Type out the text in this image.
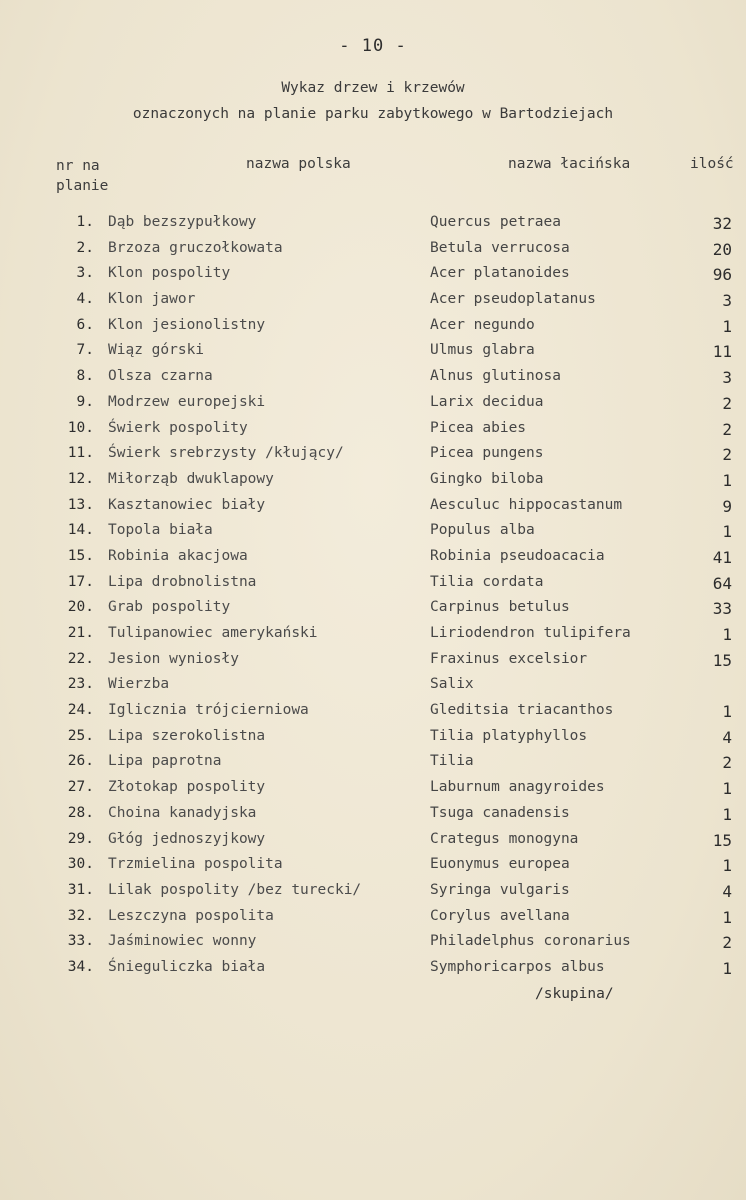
- 10 -
Wykaz drzew i krzewów
oznaczonych na planie parku zabytkowego w Bartodziejach
nr na planie
nazwa polska	nazwa łacińska	ilość
1. Dąb bezszypułkowy	Quercus petraea	32
2. Brzoza gruczołkowata	Betula verrucosa	20
3. Klon pospolity	Acer platanoides	96
4. Klon jawor	Acer pseudoplatanus	3
6. Klon jesionolistny	Acer negundo	1
7. Wiąz górski	Ulmus glabra	11
8. Olsza czarna	Alnus glutinosa	3
9. Modrzew europejski	Larix decidua	2
10. Świerk pospolity	Picea abies	2
11. Świerk srebrzysty /kłujący/	Picea pungens	2
12. Miłorząb dwuklapowy	Gingko biloba	1
13. Kasztanowiec biały	Aesculuc hippocastanum	9
14. Topola biała	Populus alba	1
15. Robinia akacjowa	Robinia pseudoacacia	41
17. Lipa drobnolistna	Tilia cordata	64
20. Grab pospolity	Carpinus betulus	33
21. Tulipanowiec amerykański	Liriodendron tulipifera	1
22. Jesion wyniosły	Fraxinus excelsior	15
23. Wierzba	Salix
24. Iglicznia trójcierniowa	Gleditsia triacanthos	1
25. Lipa szerokolistna	Tilia platyphyllos	4
26. Lipa paprotna	Tilia	2
27. Złotokap pospolity	Laburnum anagyroides	1
28. Choina kanadyjska	Tsuga canadensis	1
29. Głóg jednoszyjkowy	Crategus monogyna	15
30. Trzmielina pospolita	Euonymus europea	1
31. Lilak pospolity /bez turecki/	Syringa vulgaris	4
32. Leszczyna pospolita	Corylus avellana	1
33. Jaśminowiec wonny	Philadelphus coronarius	2
34. Śnieguliczka biała	Symphoricarpos albus	1
/skupina/
